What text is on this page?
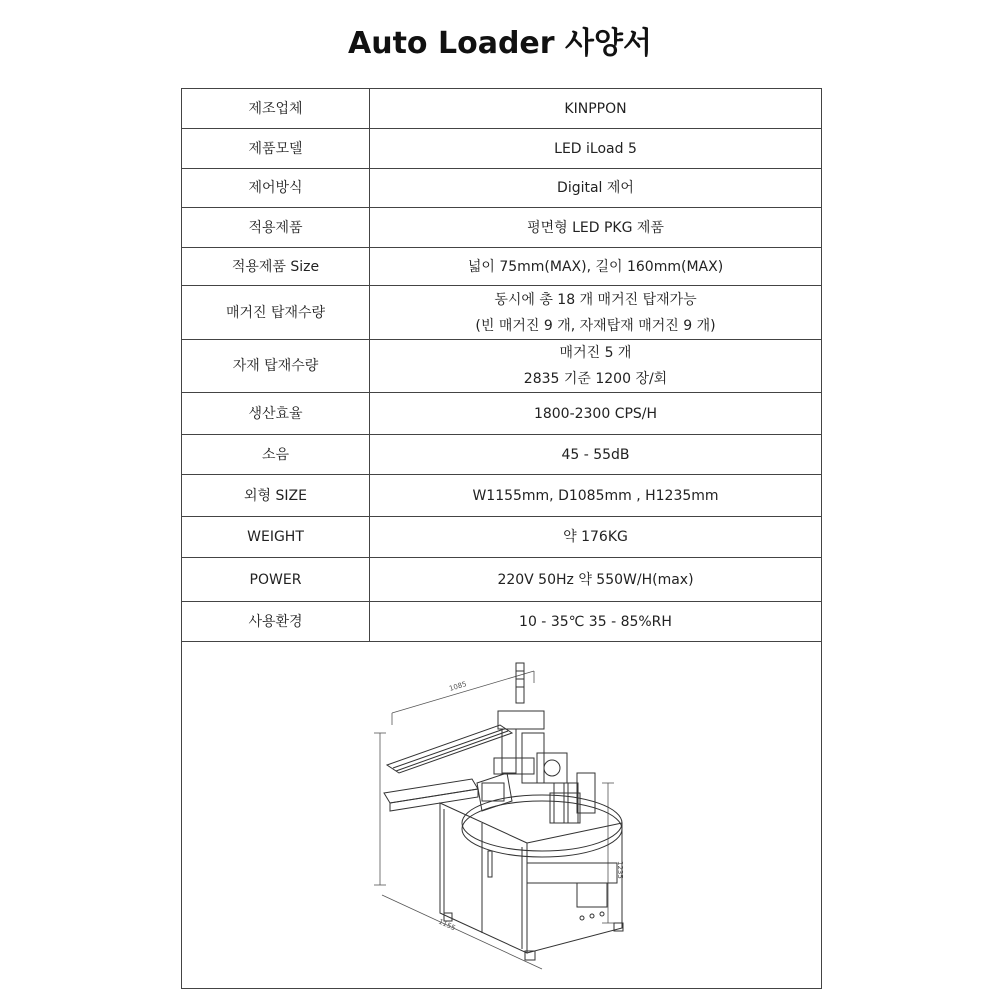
Auto Loader 사양서
제조업체	KINPPON
제품모델	LED iLoad 5
제어방식	Digital 제어
적용제품	평면형 LED PKG 제품
적용제품 Size	넓이 75mm(MAX), 길이 160mm(MAX)
매거진 탑재수량	동시에 총 18 개 매거진 탑재가능
(빈 매거진 9 개, 자재탑재 매거진 9 개)

자재 탑재수량	매거진 5 개
2835 기준 1200 장/회

생산효율	1800-2300 CPS/H
소음	45 - 55dB
외형 SIZE	W1155mm, D1085mm , H1235mm
WEIGHT	약 176KG
POWER	220V 50Hz 약 550W/H(max)
사용환경	10 - 35℃ 35 - 85%RH
1085
1235
1155
